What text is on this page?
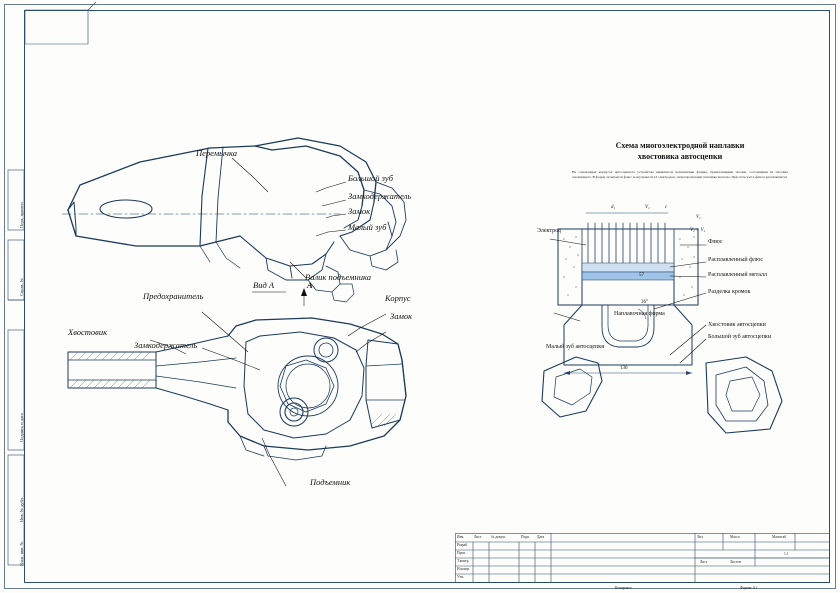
Перв. примен.
Справ. №
Подпись и дата
Инв. № дубл.
Взам. инв. №
Перемычка
Большой зуб
Замкодержатель
Замок
Малый зуб
Валик подъемника
Вид А	А
Предохранитель	Корпус
Замок
Хвостовик
Замкодержатель
Подъемник
Схема многоэлектродной наплавки
хвостовика автосцепки
На самоходных корпусах автосцепного устройства выявляется наплавление формы, прилегающими потоки, состоящими из плоских смоляющего. В форму засыпается флюс и опускаются 12 электродов, затем происходит наплавка металла. При этом часть флюса расплавляется
Электрод
Наплавочная форма
Малый зуб автосцепки
Флюс
Расплавленный флюс
Расплавленный металл
Разделка кромок
Хвостовик автосцепки
Большой зуб автосцепки
d₁	V₁	c
V₂
V₂ > V₁
57
36°
130
Изм.	Лист	№ докум.	Подп. Дата
Разраб.
Пров.
Т.контр.
Н.контр.
Утв.
Лит.	Масса	Масштаб
1:1
Лист	Листов
Копировал	Формат А1
